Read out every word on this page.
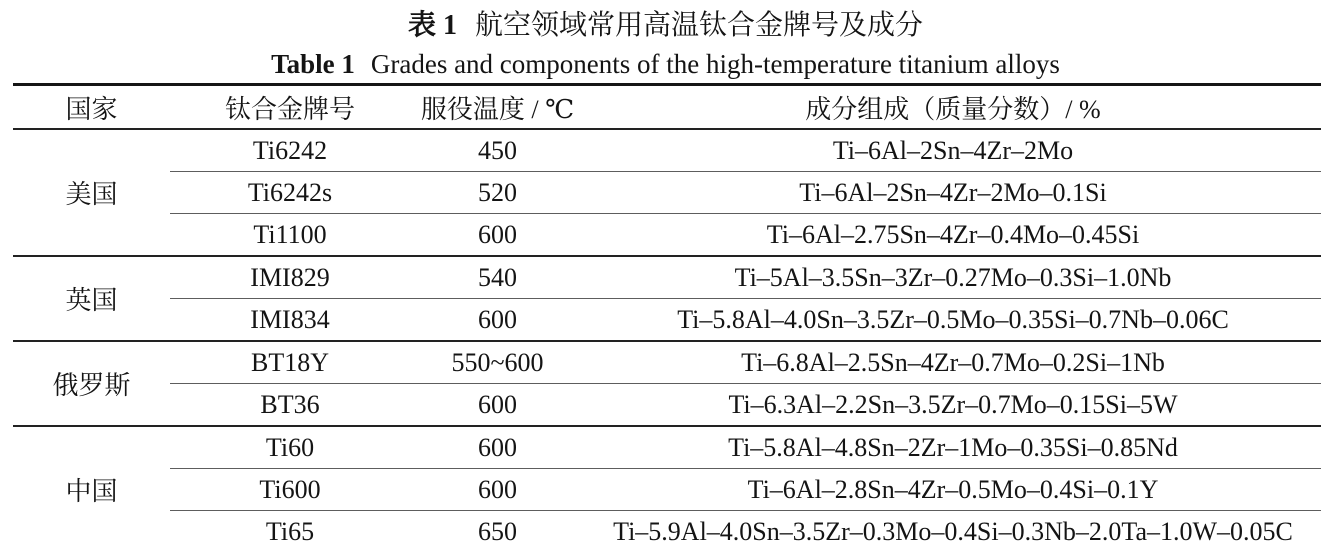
表 1 航空领域常用高温钛合金牌号及成分
Table 1 Grades and components of the high-temperature titanium alloys
国家	钛合金牌号	服役温度 / ℃	成分组成（质量分数）/ %
美国	Ti6242	450	Ti–6Al–2Sn–4Zr–2Mo
	Ti6242s	520	Ti–6Al–2Sn–4Zr–2Mo–0.1Si
	Ti1100	600	Ti–6Al–2.75Sn–4Zr–0.4Mo–0.45Si
英国	IMI829	540	Ti–5Al–3.5Sn–3Zr–0.27Mo–0.3Si–1.0Nb
	IMI834	600	Ti–5.8Al–4.0Sn–3.5Zr–0.5Mo–0.35Si–0.7Nb–0.06C
俄罗斯	BT18Y	550~600	Ti–6.8Al–2.5Sn–4Zr–0.7Mo–0.2Si–1Nb
	BT36	600	Ti–6.3Al–2.2Sn–3.5Zr–0.7Mo–0.15Si–5W
中国	Ti60	600	Ti–5.8Al–4.8Sn–2Zr–1Mo–0.35Si–0.85Nd
	Ti600	600	Ti–6Al–2.8Sn–4Zr–0.5Mo–0.4Si–0.1Y
	Ti65	650	Ti–5.9Al–4.0Sn–3.5Zr–0.3Mo–0.4Si–0.3Nb–2.0Ta–1.0W–0.05C
